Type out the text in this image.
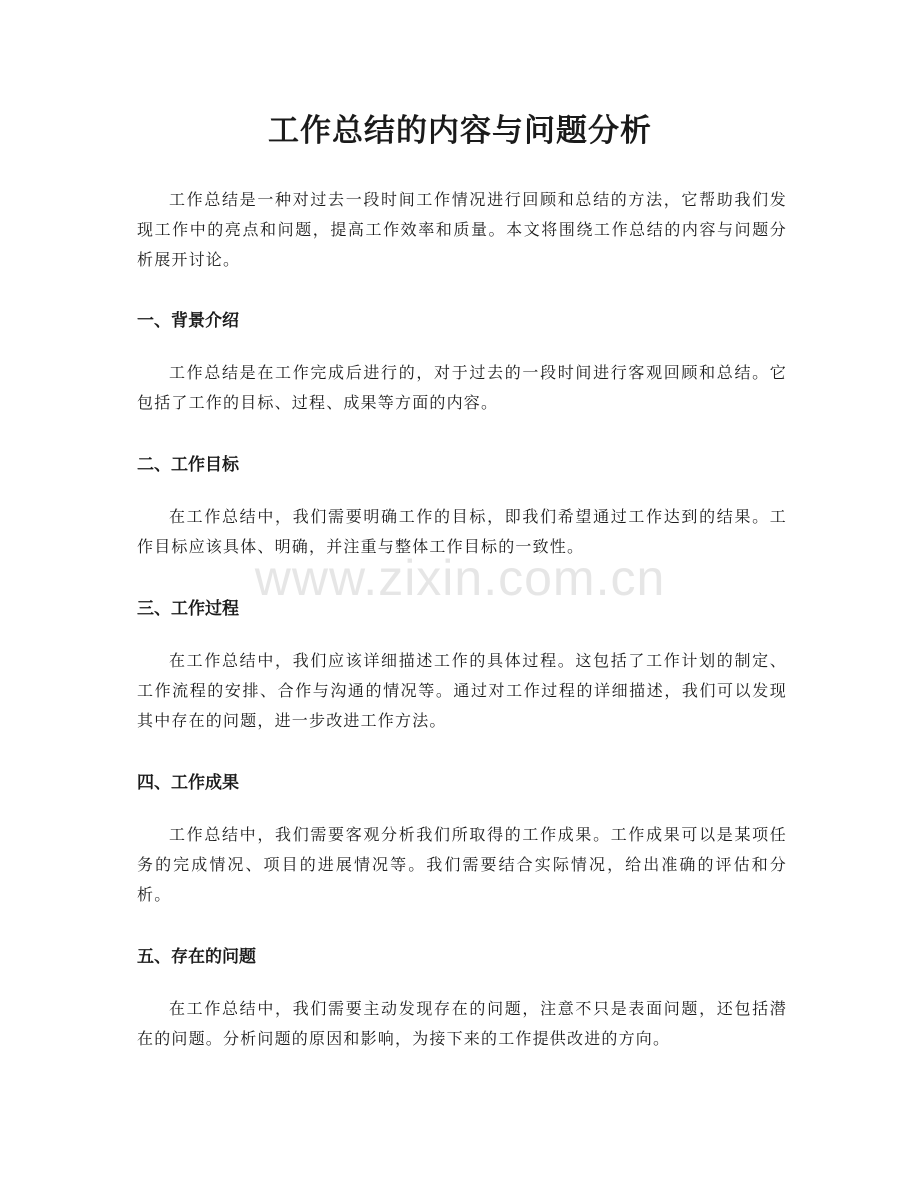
工作总结的内容与问题分析

工作总结是一种对过去一段时间工作情况进行回顾和总结的方法，它帮助我们发现工作中的亮点和问题，提高工作效率和质量。本文将围绕工作总结的内容与问题分析展开讨论。

一、背景介绍

工作总结是在工作完成后进行的，对于过去的一段时间进行客观回顾和总结。它包括了工作的目标、过程、成果等方面的内容。

二、工作目标

在工作总结中，我们需要明确工作的目标，即我们希望通过工作达到的结果。工作目标应该具体、明确，并注重与整体工作目标的一致性。

三、工作过程

在工作总结中，我们应该详细描述工作的具体过程。这包括了工作计划的制定、工作流程的安排、合作与沟通的情况等。通过对工作过程的详细描述，我们可以发现其中存在的问题，进一步改进工作方法。

四、工作成果

工作总结中，我们需要客观分析我们所取得的工作成果。工作成果可以是某项任务的完成情况、项目的进展情况等。我们需要结合实际情况，给出准确的评估和分析。

五、存在的问题

在工作总结中，我们需要主动发现存在的问题，注意不只是表面问题，还包括潜在的问题。分析问题的原因和影响，为接下来的工作提供改进的方向。

www.zixin.com.cn
